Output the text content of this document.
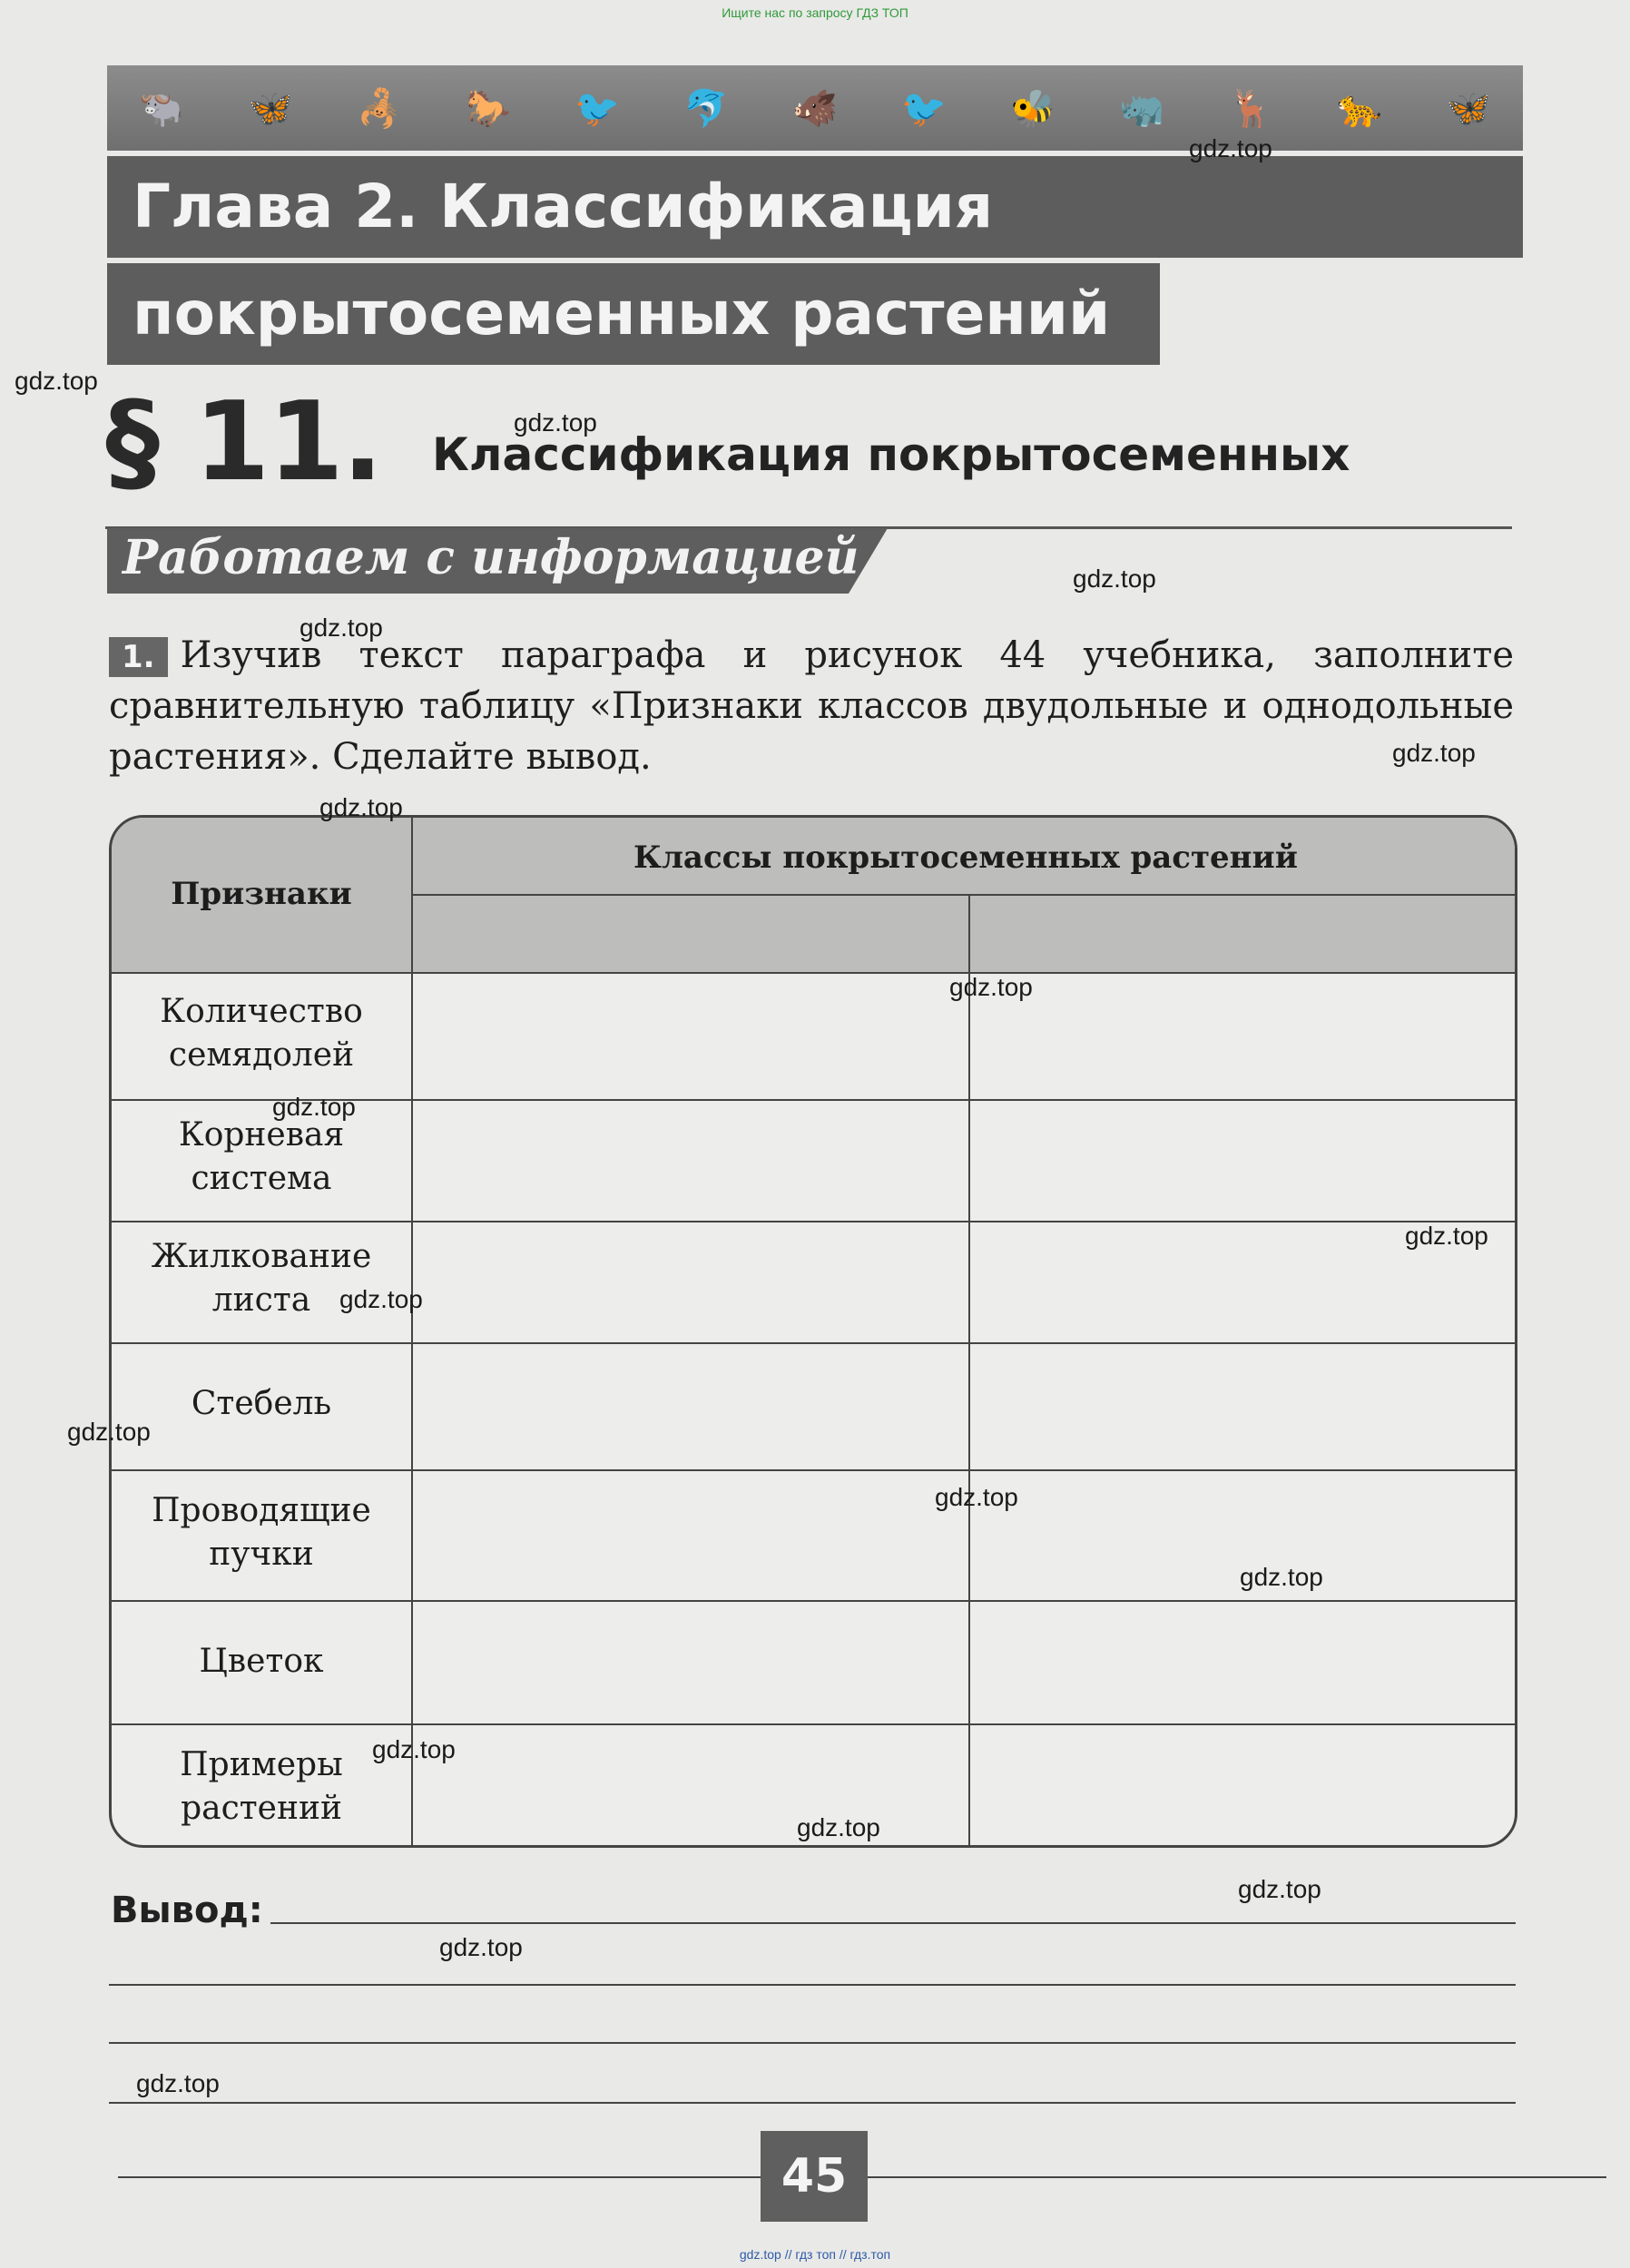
Ищите нас по запросу ГДЗ ТОП
🐃 🦋 🦂 🐎 🐦 🐬 🐗 🐦 🐝 🦏 🦌 🐆 🦋
Глава 2. Классификация
покрытосеменных растений
§ 11. Классификация покрытосеменных
Работаем с информацией
1. Изучив текст параграфа и рисунок 44 учебника, заполните сравнительную таблицу «Признаки классов двудольные и однодольные растения». Сделайте вывод.
Признаки
Классы покрытосеменных растений
Количество
семядолей
Корневая
система
Жилкование
листа
Стебель
Проводящие
пучки
Цветок
Примеры
растений
Вывод:
45
gdz.top
gdz.top
gdz.top
gdz.top
gdz.top
gdz.top
gdz.top
gdz.top
gdz.top
gdz.top
gdz.top
gdz.top
gdz.top
gdz.top
gdz.top
gdz.top
gdz.top
gdz.top
gdz.top
gdz.top // гдз топ // гдз.топ
